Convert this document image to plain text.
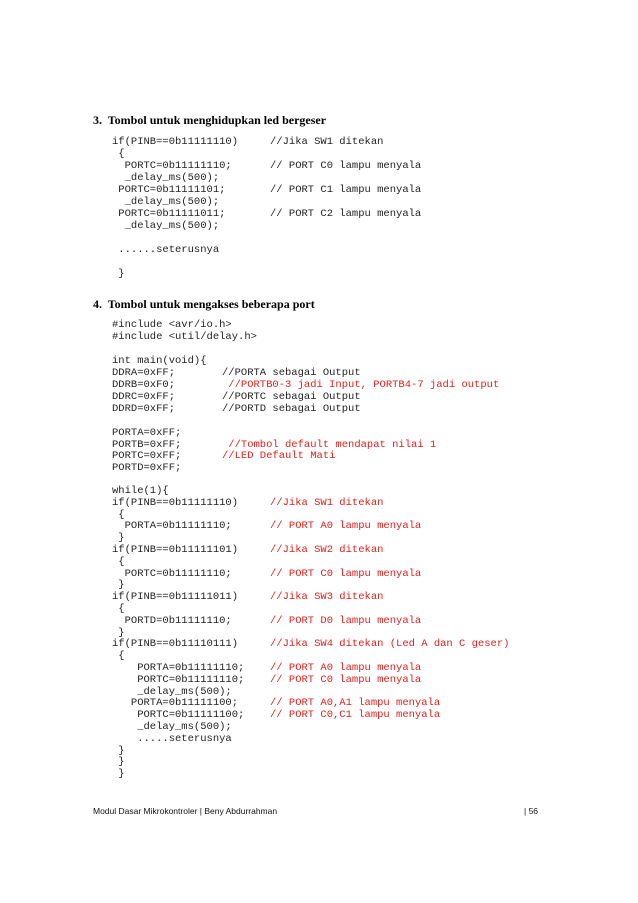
3.  Tombol untuk menghidupkan led bergeser
if(PINB==0b11111110)	//Jika SW1 ditekan
{
PORTC=0b11111110;	// PORT C0 lampu menyala
_delay_ms(500);
PORTC=0b11111101;	// PORT C1 lampu menyala
_delay_ms(500);
PORTC=0b11111011;	// PORT C2 lampu menyala
_delay_ms(500);
......seterusnya
}
4.  Tombol untuk mengakses beberapa port
#include <avr/io.h>
#include <util/delay.h>
int main(void){
DDRA=0xFF;	//PORTA sebagai Output
DDRB=0xF0;	//PORTB0-3 jadi Input, PORTB4-7 jadi output
DDRC=0xFF;	//PORTC sebagai Output
DDRD=0xFF;	//PORTD sebagai Output
PORTA=0xFF;
PORTB=0xFF;	//Tombol default mendapat nilai 1
PORTC=0xFF;	//LED Default Mati
PORTD=0xFF;
while(1){
if(PINB==0b11111110)	//Jika SW1 ditekan
{
PORTA=0b11111110;	// PORT A0 lampu menyala
}
if(PINB==0b11111101)	//Jika SW2 ditekan
{
PORTC=0b11111110;	// PORT C0 lampu menyala
}
if(PINB==0b11111011)	//Jika SW3 ditekan
{
PORTD=0b11111110;	// PORT D0 lampu menyala
}
if(PINB==0b11110111)	//Jika SW4 ditekan (Led A dan C geser)
{
PORTA=0b11111110; // PORT A0 lampu menyala
PORTC=0b11111110; // PORT C0 lampu menyala
_delay_ms(500);
PORTA=0b11111100;	// PORT A0,A1 lampu menyala
PORTC=0b11111100; // PORT C0,C1 lampu menyala
_delay_ms(500);
.....seterusnya
}
}
}
Modul Dasar Mikrokontroler | Beny Abdurrahman	| 56
